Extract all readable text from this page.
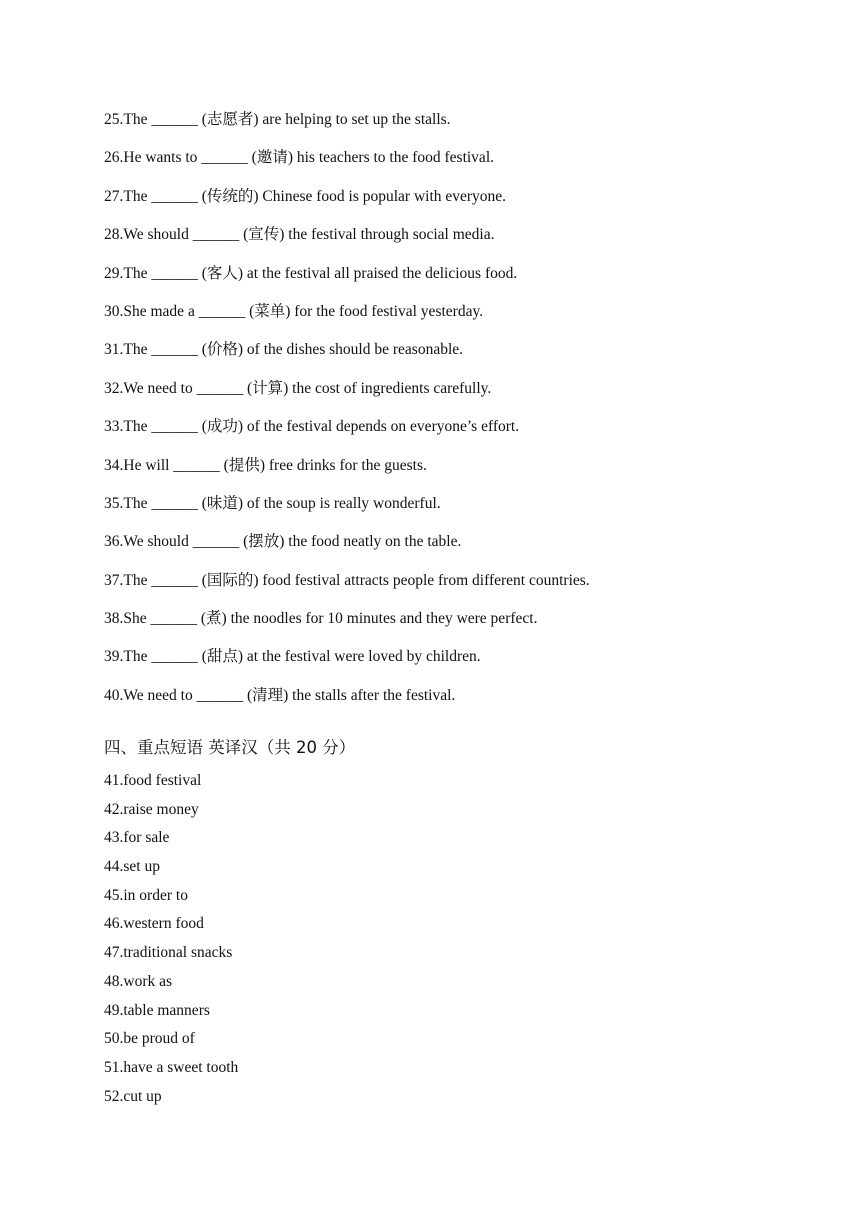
25.The ______ (志愿者) are helping to set up the stalls.
26.He wants to ______ (邀请) his teachers to the food festival.
27.The ______ (传统的) Chinese food is popular with everyone.
28.We should ______ (宣传) the festival through social media.
29.The ______ (客人) at the festival all praised the delicious food.
30.She made a ______ (菜单) for the food festival yesterday.
31.The ______ (价格) of the dishes should be reasonable.
32.We need to ______ (计算) the cost of ingredients carefully.
33.The ______ (成功) of the festival depends on everyone’s effort.
34.He will ______ (提供) free drinks for the guests.
35.The ______ (味道) of the soup is really wonderful.
36.We should ______ (摆放) the food neatly on the table.
37.The ______ (国际的) food festival attracts people from different countries.
38.She ______ (煮) the noodles for 10 minutes and they were perfect.
39.The ______ (甜点) at the festival were loved by children.
40.We need to ______ (清理) the stalls after the festival.
四、重点短语 英译汉（共 20 分）
41.food festival
42.raise money
43.for sale
44.set up
45.in order to
46.western food
47.traditional snacks
48.work as
49.table manners
50.be proud of
51.have a sweet tooth
52.cut up
